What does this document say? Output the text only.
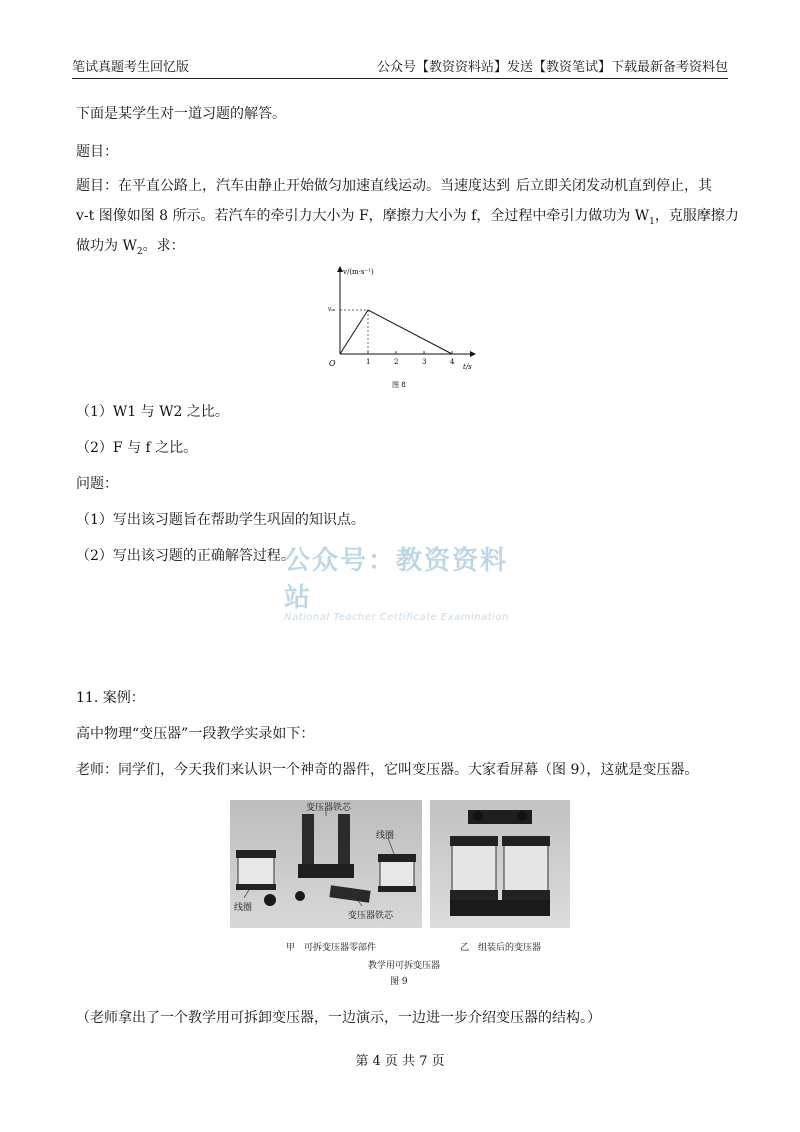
笔试真题考生回忆版	公众号【教资资料站】发送【教资笔试】下载最新备考资料包
下面是某学生对一道习题的解答。
题目：
题目：在平直公路上，汽车由静止开始做匀加速直线运动。当速度达到 后立即关闭发动机直到停止，其
v-t 图像如图 8 所示。若汽车的牵引力大小为 F，摩擦力大小为 f，全过程中牵引力做功为 $W_1$，克服摩擦力
做功为 $W_2$。求：
v/(m·s⁻¹)
vₘ
O	t/s
1	2	3	4
图 8
（1）W1 与 W2 之比。
（2）F 与 f 之比。
问题：
（1）写出该习题旨在帮助学生巩固的知识点。
（2）写出该习题的正确解答过程。
公众号：教资资料站
National Teacher Certificate Examination
11. 案例：
高中物理“变压器”一段教学实录如下：
老师：同学们，今天我们来认识一个神奇的器件，它叫变压器。大家看屏幕（图 9），这就是变压器。
变压器铁芯
线圈
线圈
变压器铁芯
甲　可拆变压器零部件	乙　组装后的变压器
教学用可拆变压器
图 9
（老师拿出了一个教学用可拆卸变压器，一边演示，一边进一步介绍变压器的结构。）
第 4 页 共 7 页
